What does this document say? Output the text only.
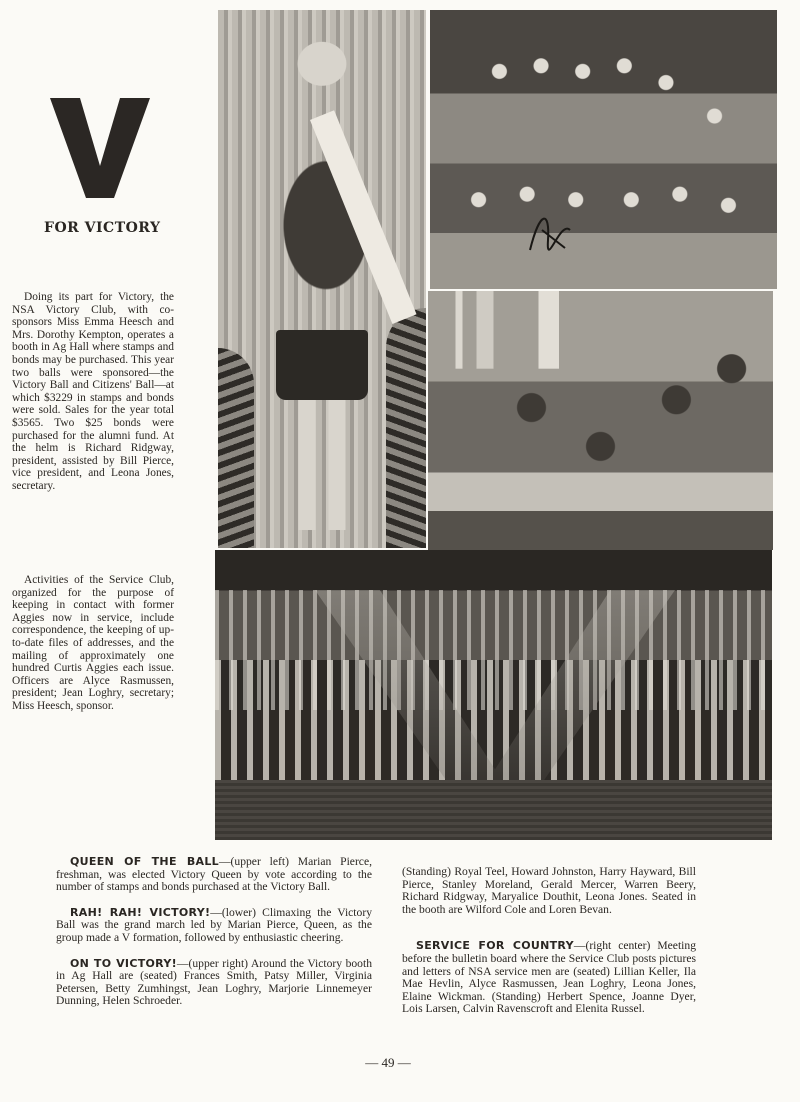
FOR VICTORY
Doing its part for Victory, the NSA Victory Club, with co-sponsors Miss Emma Heesch and Mrs. Dorothy Kempton, operates a booth in Ag Hall where stamps and bonds may be purchased. This year two balls were sponsored—the Victory Ball and Citizens' Ball—at which $3229 in stamps and bonds were sold. Sales for the year total $3565. Two $25 bonds were purchased for the alumni fund. At the helm is Richard Ridgway, president, assisted by Bill Pierce, vice president, and Leona Jones, secretary.
Activities of the Service Club, organized for the purpose of keeping in contact with former Aggies now in service, include correspondence, the keeping of up-to-date files of addresses, and the mailing of approximately one hundred Curtis Aggies each issue. Officers are Alyce Rasmussen, president; Jean Loghry, secretary; Miss Heesch, sponsor.

QUEEN OF THE BALL—(upper left) Marian Pierce, freshman, was elected Victory Queen by vote according to the number of stamps and bonds purchased at the Victory Ball.

RAH! RAH! VICTORY!—(lower) Climaxing the Victory Ball was the grand march led by Marian Pierce, Queen, as the group made a V formation, followed by enthusiastic cheering.

ON TO VICTORY!—(upper right) Around the Victory booth in Ag Hall are (seated) Frances Smith, Patsy Miller, Virginia Petersen, Betty Zumhingst, Jean Loghry, Marjorie Linnemeyer Dunning, Helen Schroeder.

(Standing) Royal Teel, Howard Johnston, Harry Hayward, Bill Pierce, Stanley Moreland, Gerald Mercer, Warren Beery, Richard Ridgway, Maryalice Douthit, Leona Jones. Seated in the booth are Wilford Cole and Loren Bevan.

SERVICE FOR COUNTRY—(right center) Meeting before the bulletin board where the Service Club posts pictures and letters of NSA service men are (seated) Lillian Keller, Ila Mae Hevlin, Alyce Rasmussen, Jean Loghry, Leona Jones, Elaine Wickman. (Standing) Herbert Spence, Joanne Dyer, Lois Larsen, Calvin Ravenscroft and Elenita Russel.

— 49 —
